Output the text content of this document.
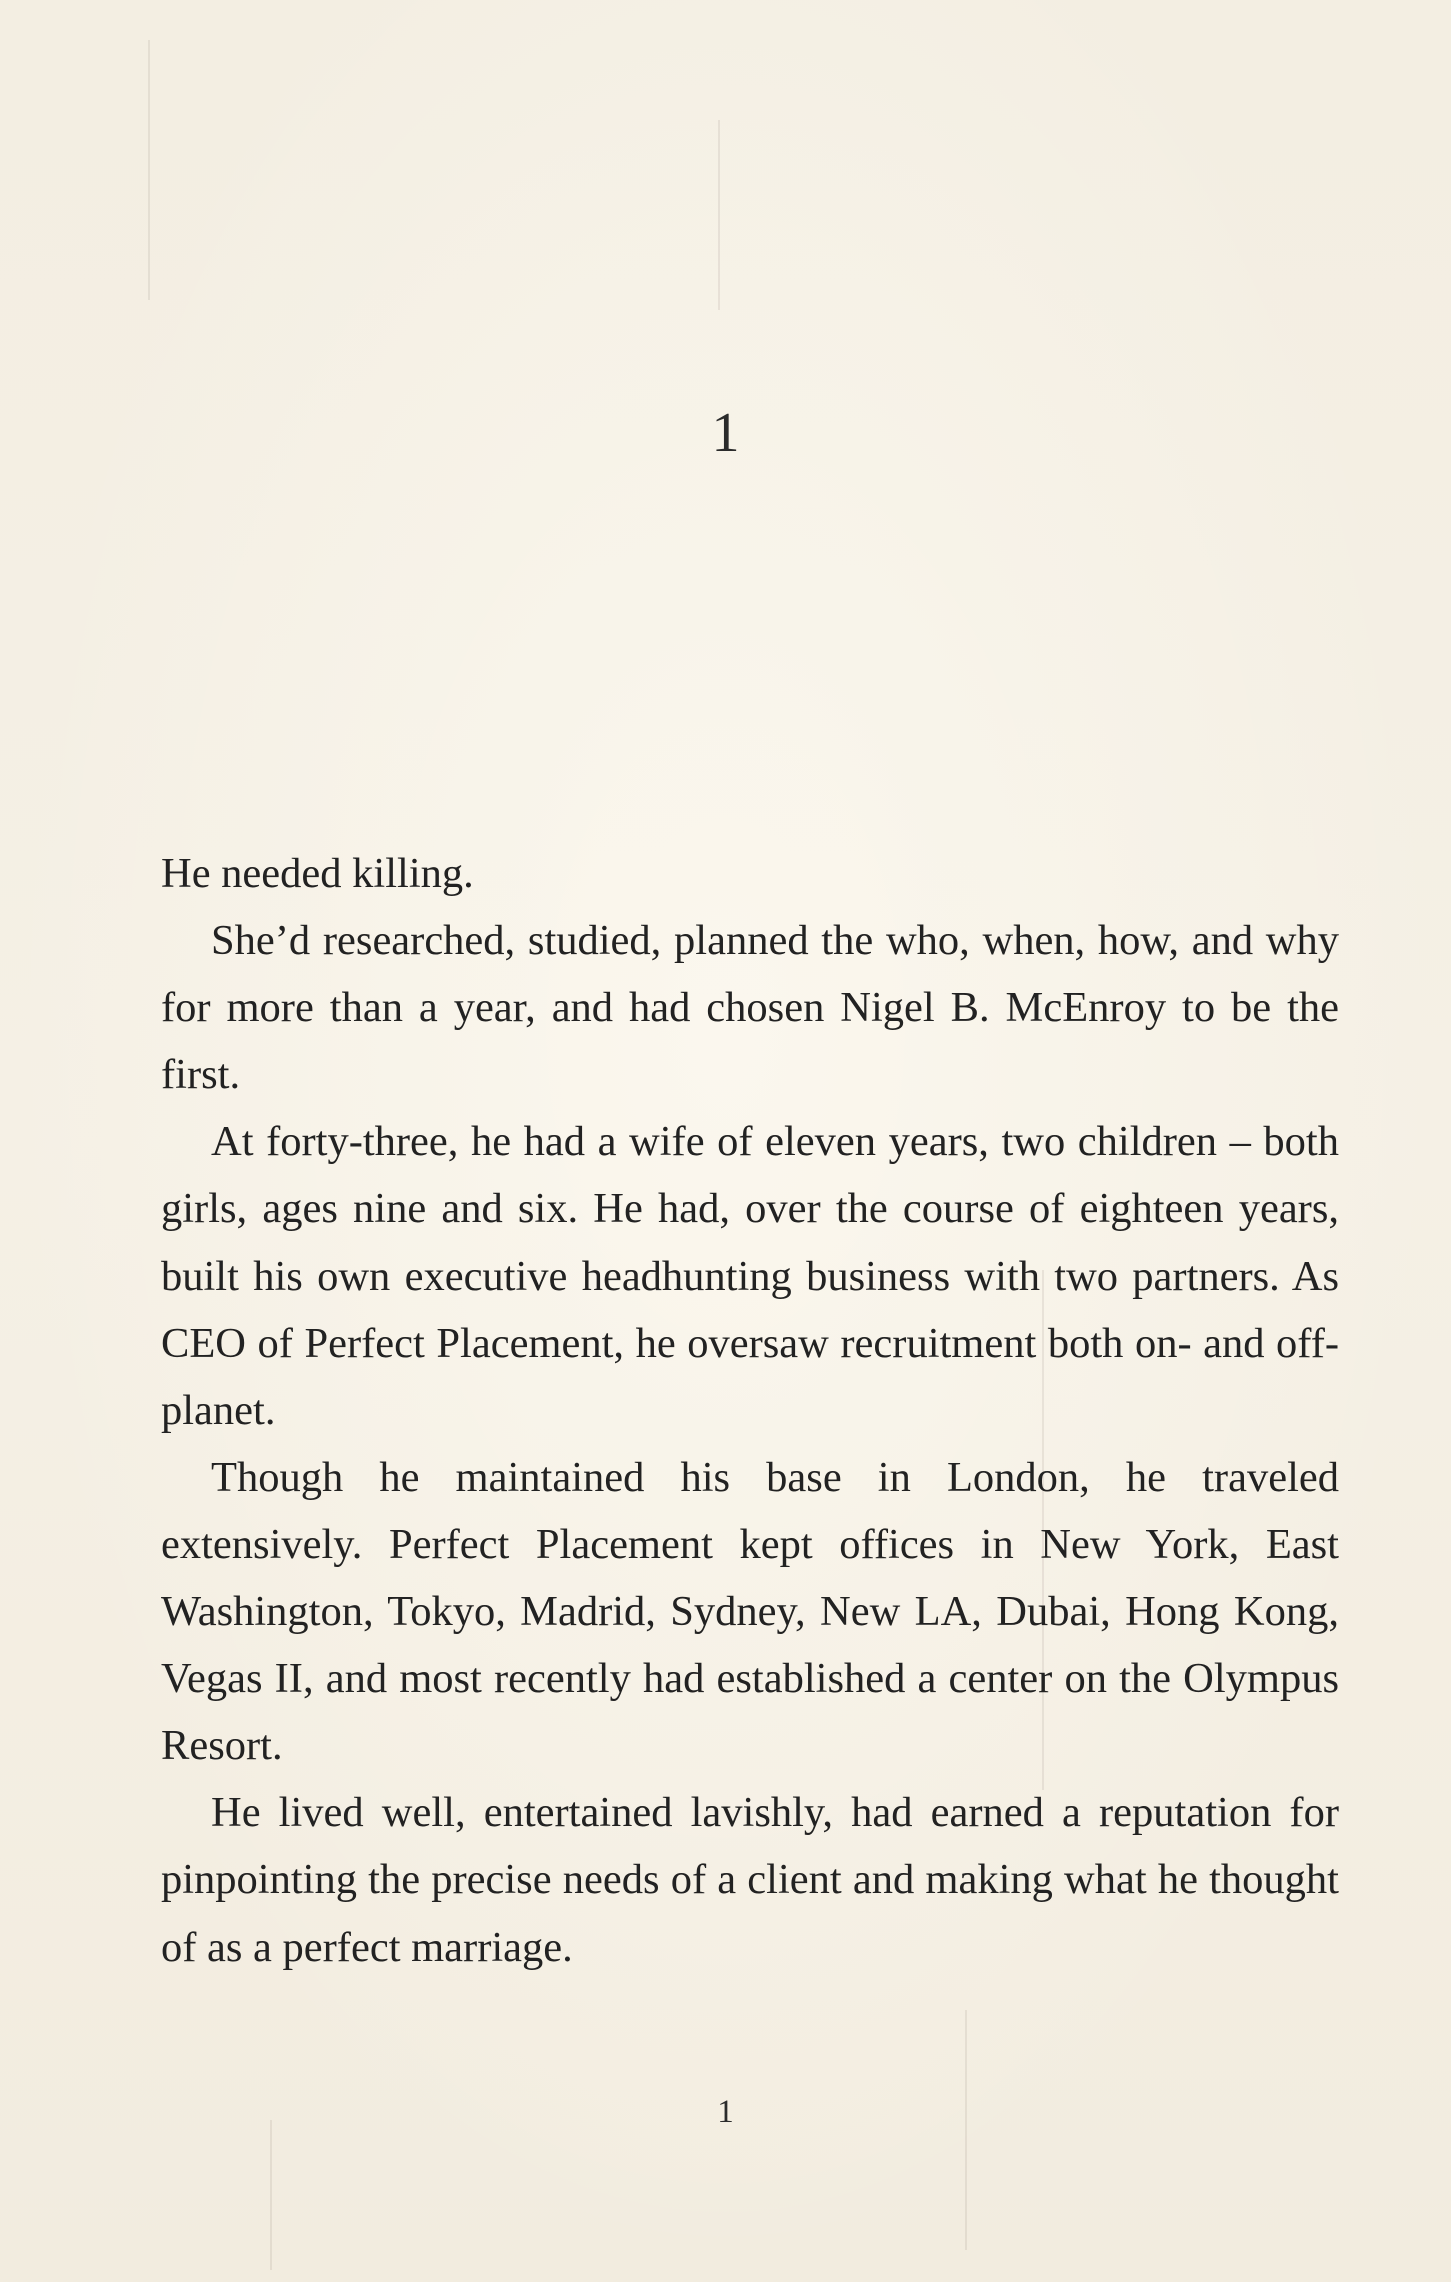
1

He needed killing.

She’d researched, studied, planned the who, when, how, and why for more than a year, and had chosen Nigel B. McEnroy to be the first.

At forty-three, he had a wife of eleven years, two children – both girls, ages nine and six. He had, over the course of eighteen years, built his own executive headhunting business with two partners. As CEO of Perfect Placement, he oversaw recruitment both on- and off-planet.

Though he maintained his base in London, he traveled extensively. Perfect Placement kept offices in New York, East Washington, Tokyo, Madrid, Sydney, New LA, Dubai, Hong Kong, Vegas II, and most recently had established a center on the Olympus Resort.

He lived well, entertained lavishly, had earned a reputation for pinpointing the precise needs of a client and making what he thought of as a perfect marriage.

1
